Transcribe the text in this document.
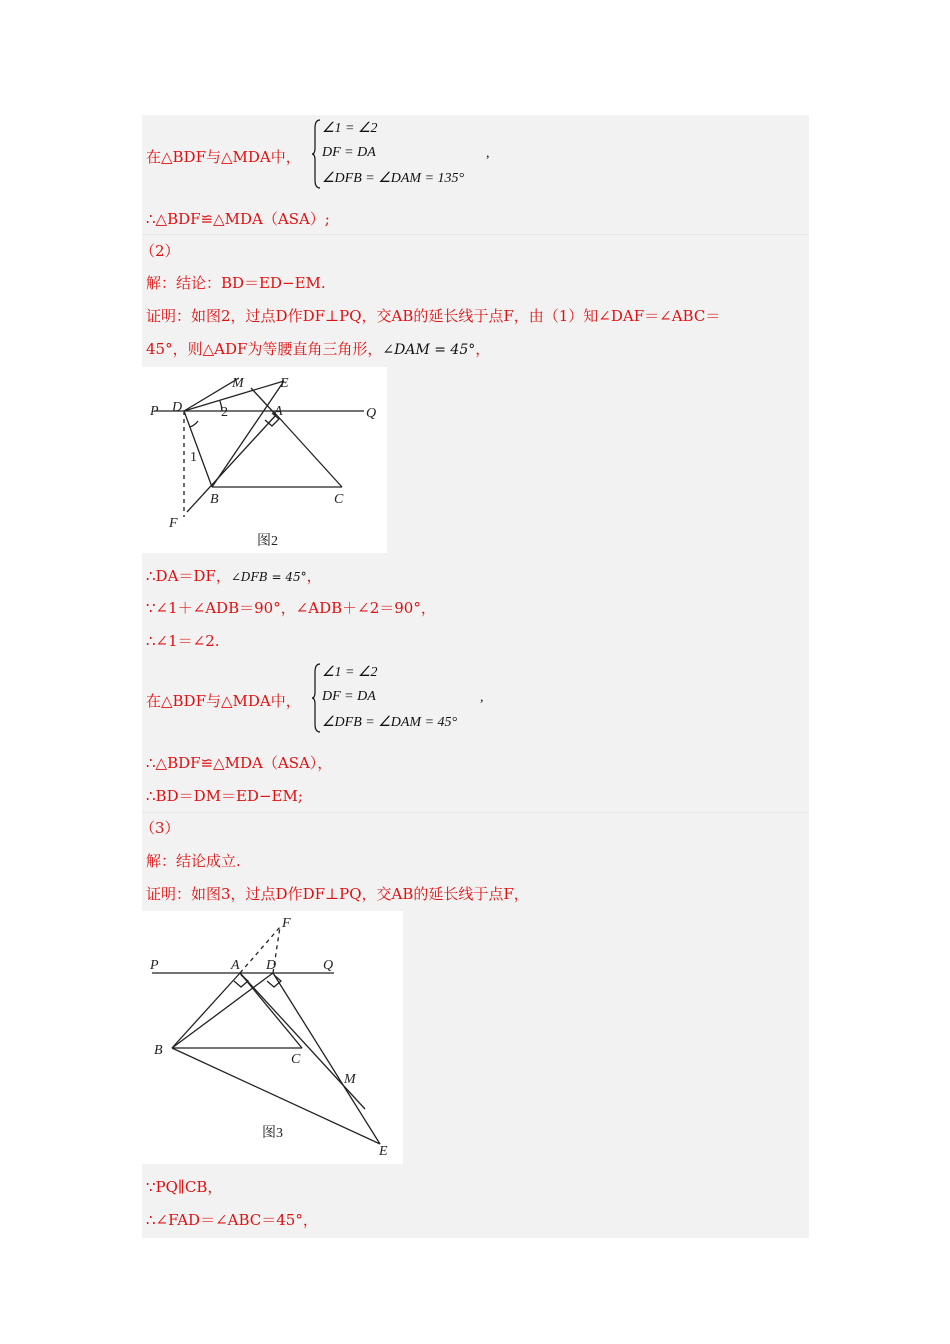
在△BDF与△MDA中，
∠1 = ∠2
DF = DA
∠DFB = ∠DAM = 135°
,
∴△BDF≌△MDA（ASA）;
（2）
解：结论：BD＝ED−EM.
证明：如图2，过点D作DF⊥PQ，交AB的延长线于点F，由（1）知∠DAF＝∠ABC＝
45°，则△ADF为等腰直角三角形，∠DAM = 45°，
P D	2	A	Q
M	E
1
B	C
F
图2
∴DA＝DF，∠DFB = 45°，
∵∠1＋∠ADB＝90°，∠ADB＋∠2＝90°，
∴∠1＝∠2.
在△BDF与△MDA中，
∠1 = ∠2
DF = DA
∠DFB = ∠DAM = 45°
,
∴△BDF≌△MDA（ASA），
∴BD＝DM＝ED−EM;
（3）
解：结论成立.
证明：如图3，过点D作DF⊥PQ，交AB的延长线于点F，
F
P	A D	Q
B
C
M
E
图3
∵PQ∥CB，
∴∠FAD＝∠ABC＝45°，
